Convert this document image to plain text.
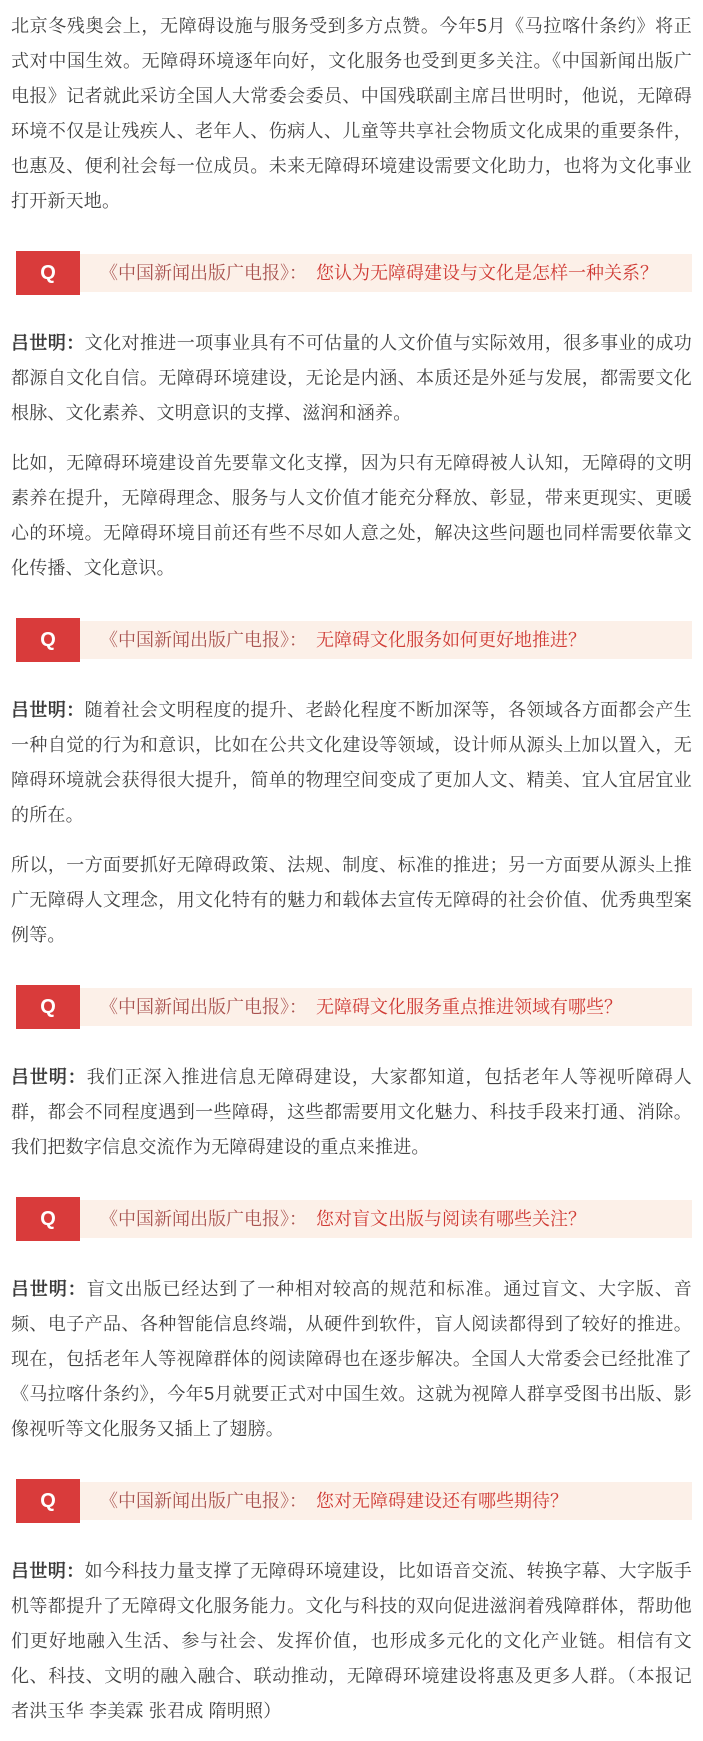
北京冬残奥会上，无障碍设施与服务受到多方点赞。今年5月《马拉喀什条约》将正式对中国生效。无障碍环境逐年向好，文化服务也受到更多关注。《中国新闻出版广电报》记者就此采访全国人大常委会委员、中国残联副主席吕世明时，他说，无障碍环境不仅是让残疾人、老年人、伤病人、儿童等共享社会物质文化成果的重要条件，也惠及、便利社会每一位成员。未来无障碍环境建设需要文化助力，也将为文化事业打开新天地。

Q 《中国新闻出版广电报》： 您认为无障碍建设与文化是怎样一种关系？

吕世明：文化对推进一项事业具有不可估量的人文价值与实际效用，很多事业的成功都源自文化自信。无障碍环境建设，无论是内涵、本质还是外延与发展，都需要文化根脉、文化素养、文明意识的支撑、滋润和涵养。

比如，无障碍环境建设首先要靠文化支撑，因为只有无障碍被人认知，无障碍的文明素养在提升，无障碍理念、服务与人文价值才能充分释放、彰显，带来更现实、更暖心的环境。无障碍环境目前还有些不尽如人意之处，解决这些问题也同样需要依靠文化传播、文化意识。

Q 《中国新闻出版广电报》： 无障碍文化服务如何更好地推进？

吕世明：随着社会文明程度的提升、老龄化程度不断加深等，各领域各方面都会产生一种自觉的行为和意识，比如在公共文化建设等领域，设计师从源头上加以置入，无障碍环境就会获得很大提升，简单的物理空间变成了更加人文、精美、宜人宜居宜业的所在。

所以，一方面要抓好无障碍政策、法规、制度、标准的推进；另一方面要从源头上推广无障碍人文理念，用文化特有的魅力和载体去宣传无障碍的社会价值、优秀典型案例等。

Q 《中国新闻出版广电报》： 无障碍文化服务重点推进领域有哪些？

吕世明：我们正深入推进信息无障碍建设，大家都知道，包括老年人等视听障碍人群，都会不同程度遇到一些障碍，这些都需要用文化魅力、科技手段来打通、消除。我们把数字信息交流作为无障碍建设的重点来推进。

Q 《中国新闻出版广电报》： 您对盲文出版与阅读有哪些关注？

吕世明：盲文出版已经达到了一种相对较高的规范和标准。通过盲文、大字版、音频、电子产品、各种智能信息终端，从硬件到软件，盲人阅读都得到了较好的推进。现在，包括老年人等视障群体的阅读障碍也在逐步解决。全国人大常委会已经批准了《马拉喀什条约》，今年5月就要正式对中国生效。这就为视障人群享受图书出版、影像视听等文化服务又插上了翅膀。

Q 《中国新闻出版广电报》： 您对无障碍建设还有哪些期待？

吕世明：如今科技力量支撑了无障碍环境建设，比如语音交流、转换字幕、大字版手机等都提升了无障碍文化服务能力。文化与科技的双向促进滋润着残障群体，帮助他们更好地融入生活、参与社会、发挥价值，也形成多元化的文化产业链。相信有文化、科技、文明的融入融合、联动推动，无障碍环境建设将惠及更多人群。（本报记者洪玉华 李美霖 张君成 隋明照）
